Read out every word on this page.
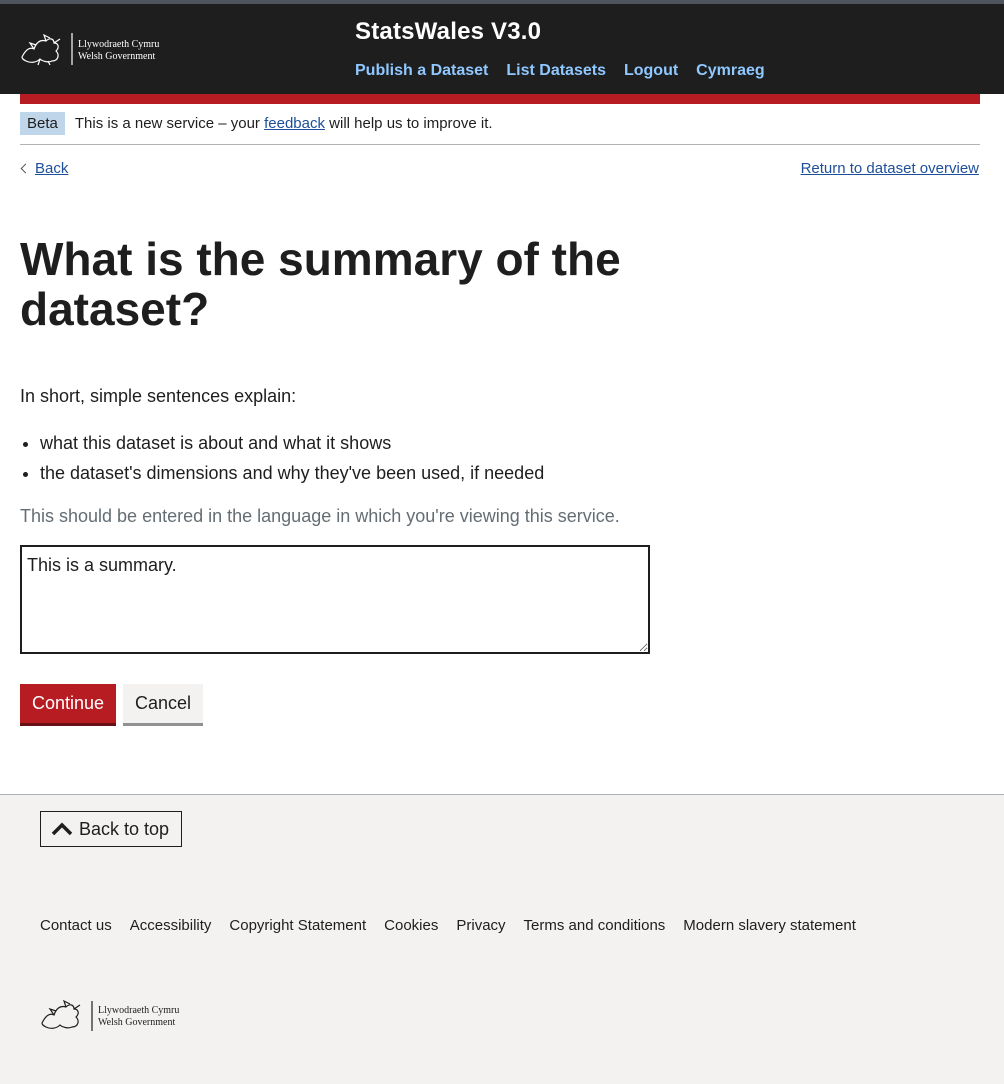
Llywodraeth Cymru
Welsh Government
StatsWales V3.0
Publish a Dataset List Datasets Logout Cymraeg
Beta	This is a new service – your feedback will help us to improve it.
Back	Return to dataset overview
What is the summary of the dataset?

In short, simple sentences explain:

• what this dataset is about and what it shows
• the dataset's dimensions and why they've been used, if needed

This should be entered in the language in which you're viewing this service.

This is a summary.
Continue	Cancel
Back to top
Contact us Accessibility Copyright Statement Cookies Privacy Terms and conditions Modern slavery statement
Llywodraeth Cymru
Welsh Government
